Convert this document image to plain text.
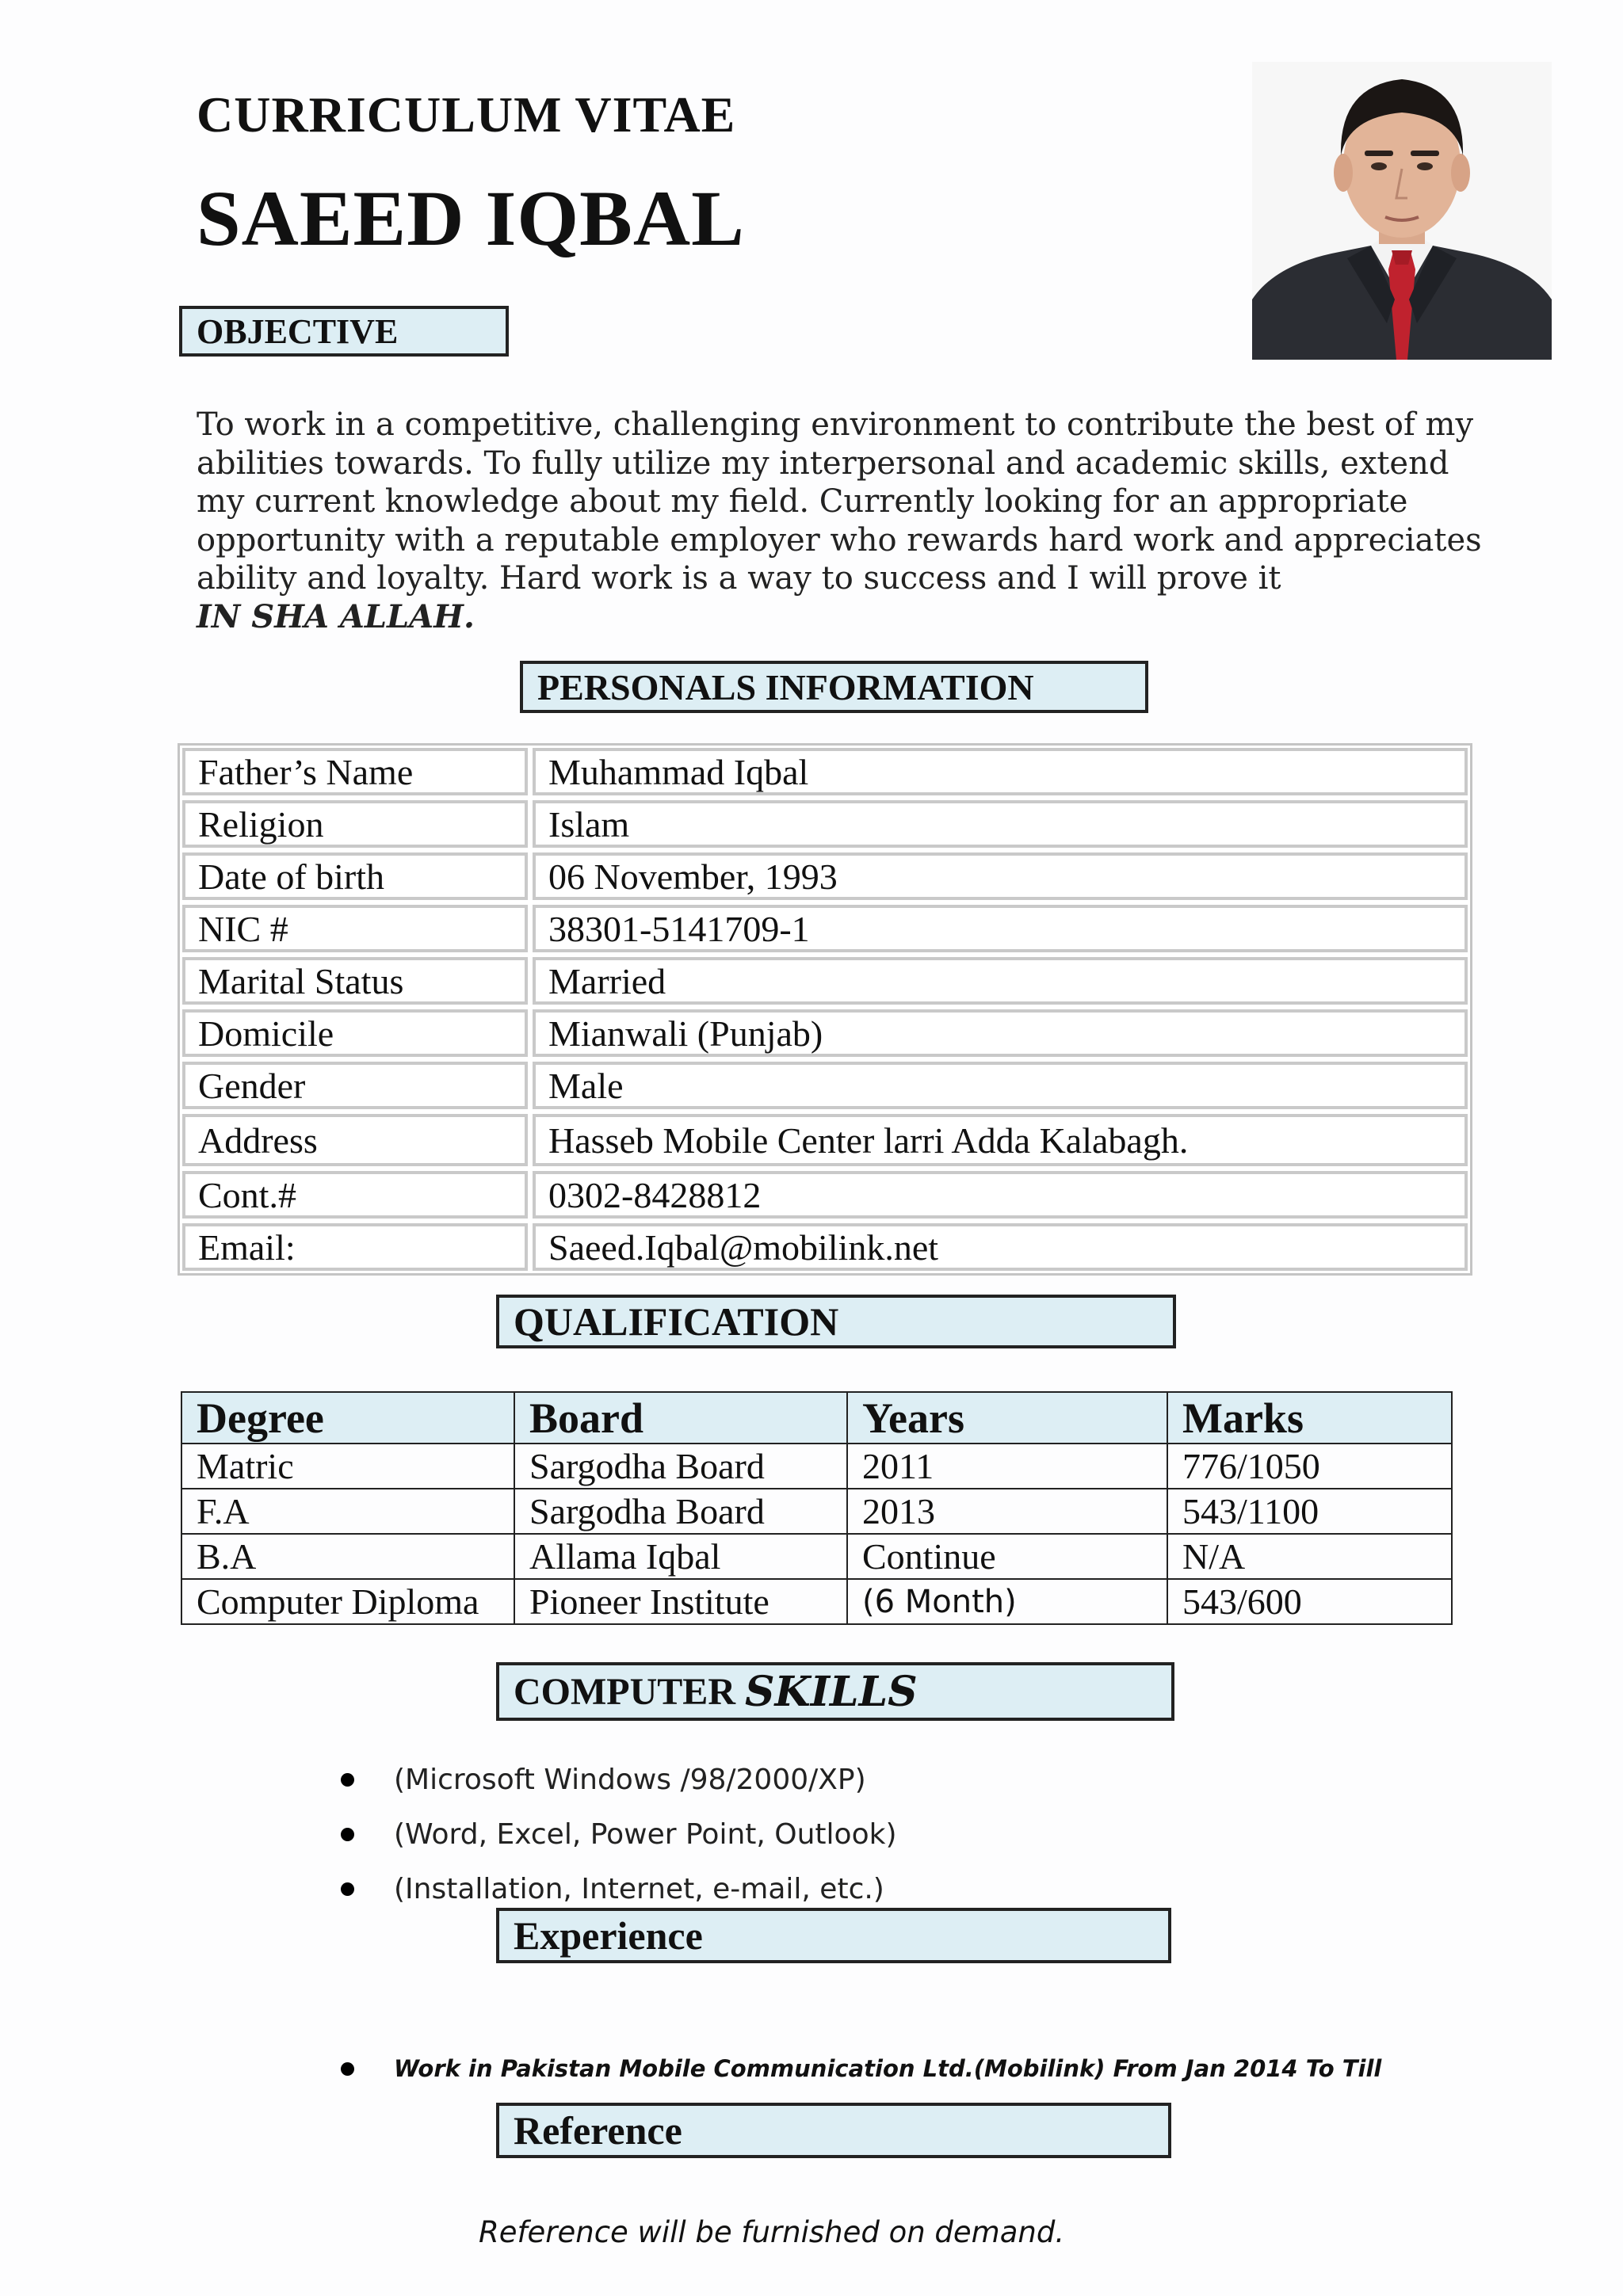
CURRICULUM VITAE
SAEED IQBAL
OBJECTIVE
To work in a competitive, challenging environment to contribute the best of my abilities towards. To fully utilize my interpersonal and academic skills, extend my current knowledge about my field. Currently looking for an appropriate opportunity with a reputable employer who rewards hard work and appreciates ability and loyalty. Hard work is a way to success and I will prove it
IN SHA ALLAH.
PERSONALS INFORMATION
Father’s Name	Muhammad Iqbal
Religion	Islam
Date of birth	06 November, 1993
NIC #	38301-5141709-1
Marital Status	Married
Domicile	Mianwali (Punjab)
Gender	Male
Address	Hasseb Mobile Center larri Adda Kalabagh.
Cont.#	0302-8428812
Email:	Saeed.Iqbal@mobilink.net
QUALIFICATION
Degree	Board	Years	Marks
Matric	Sargodha Board	2011	776/1050
F.A	Sargodha Board	2013	543/1100
B.A	Allama Iqbal	Continue	N/A
Computer Diploma	Pioneer Institute	(6 Month)	543/600
COMPUTER SKILLS
(Microsoft Windows /98/2000/XP)
(Word, Excel, Power Point, Outlook)
(Installation, Internet, e-mail, etc.)
Experience
Work in Pakistan Mobile Communication Ltd.(Mobilink) From Jan 2014 To Till
Reference
Reference will be furnished on demand.
